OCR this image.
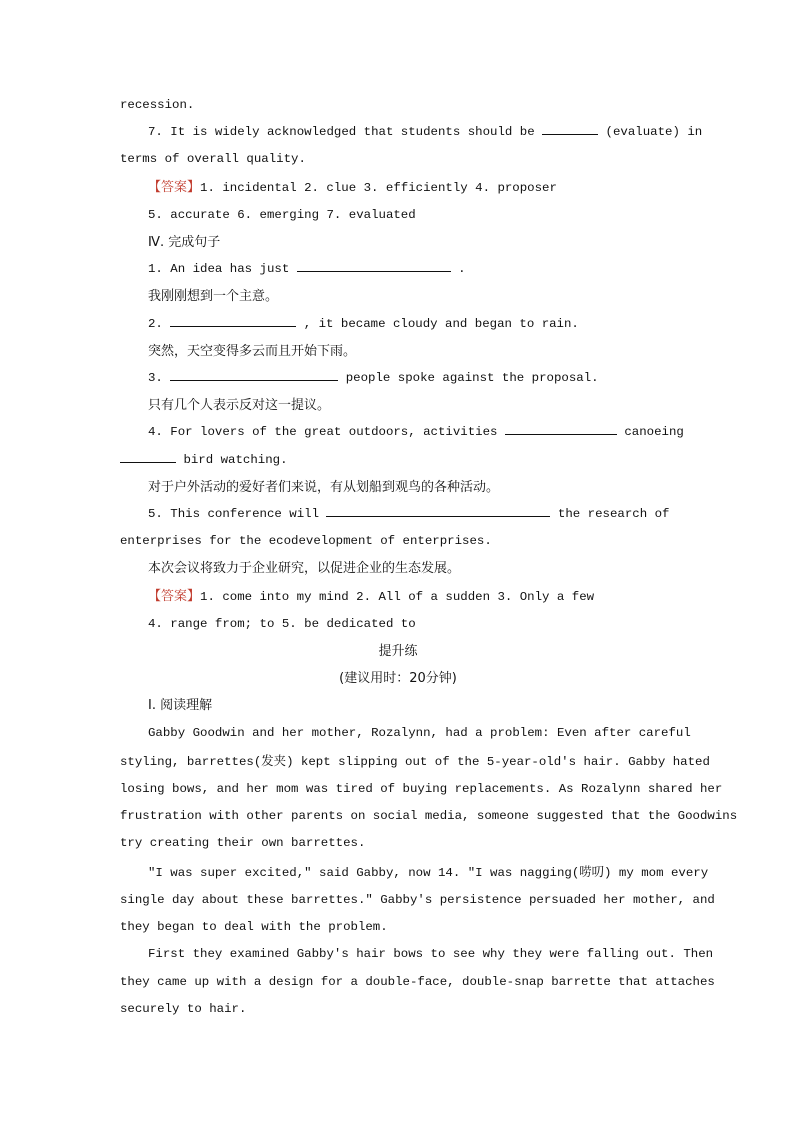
recession.

7. It is widely acknowledged that students should be	(evaluate) in

terms of overall quality.

【答案】1. incidental 2. clue 3. efficiently 4. proposer

5. accurate 6. emerging 7. evaluated

Ⅳ. 完成句子

1. An idea has just	.

我刚刚想到一个主意。

2.	, it became cloudy and began to rain.

突然，天空变得多云而且开始下雨。

3.	people spoke against the proposal.

只有几个人表示反对这一提议。

4. For lovers of the great outdoors, activities	canoeing

bird watching.

对于户外活动的爱好者们来说，有从划船到观鸟的各种活动。

5. This conference will	the research of

enterprises for the ecodevelopment of enterprises.

本次会议将致力于企业研究，以促进企业的生态发展。

【答案】1. come into my mind 2. All of a sudden 3. Only a few

4. range from; to 5. be dedicated to

提升练

(建议用时：20分钟)

Ⅰ. 阅读理解

Gabby Goodwin and her mother, Rozalynn, had a problem: Even after careful

styling, barrettes(发夹) kept slipping out of the 5-year-old's hair. Gabby hated

losing bows, and her mom was tired of buying replacements. As Rozalynn shared her

frustration with other parents on social media, someone suggested that the Goodwins

try creating their own barrettes.

"I was super excited," said Gabby, now 14. "I was nagging(唠叨) my mom every

single day about these barrettes." Gabby's persistence persuaded her mother, and

they began to deal with the problem.

First they examined Gabby's hair bows to see why they were falling out. Then

they came up with a design for a double-face, double-snap barrette that attaches

securely to hair.
